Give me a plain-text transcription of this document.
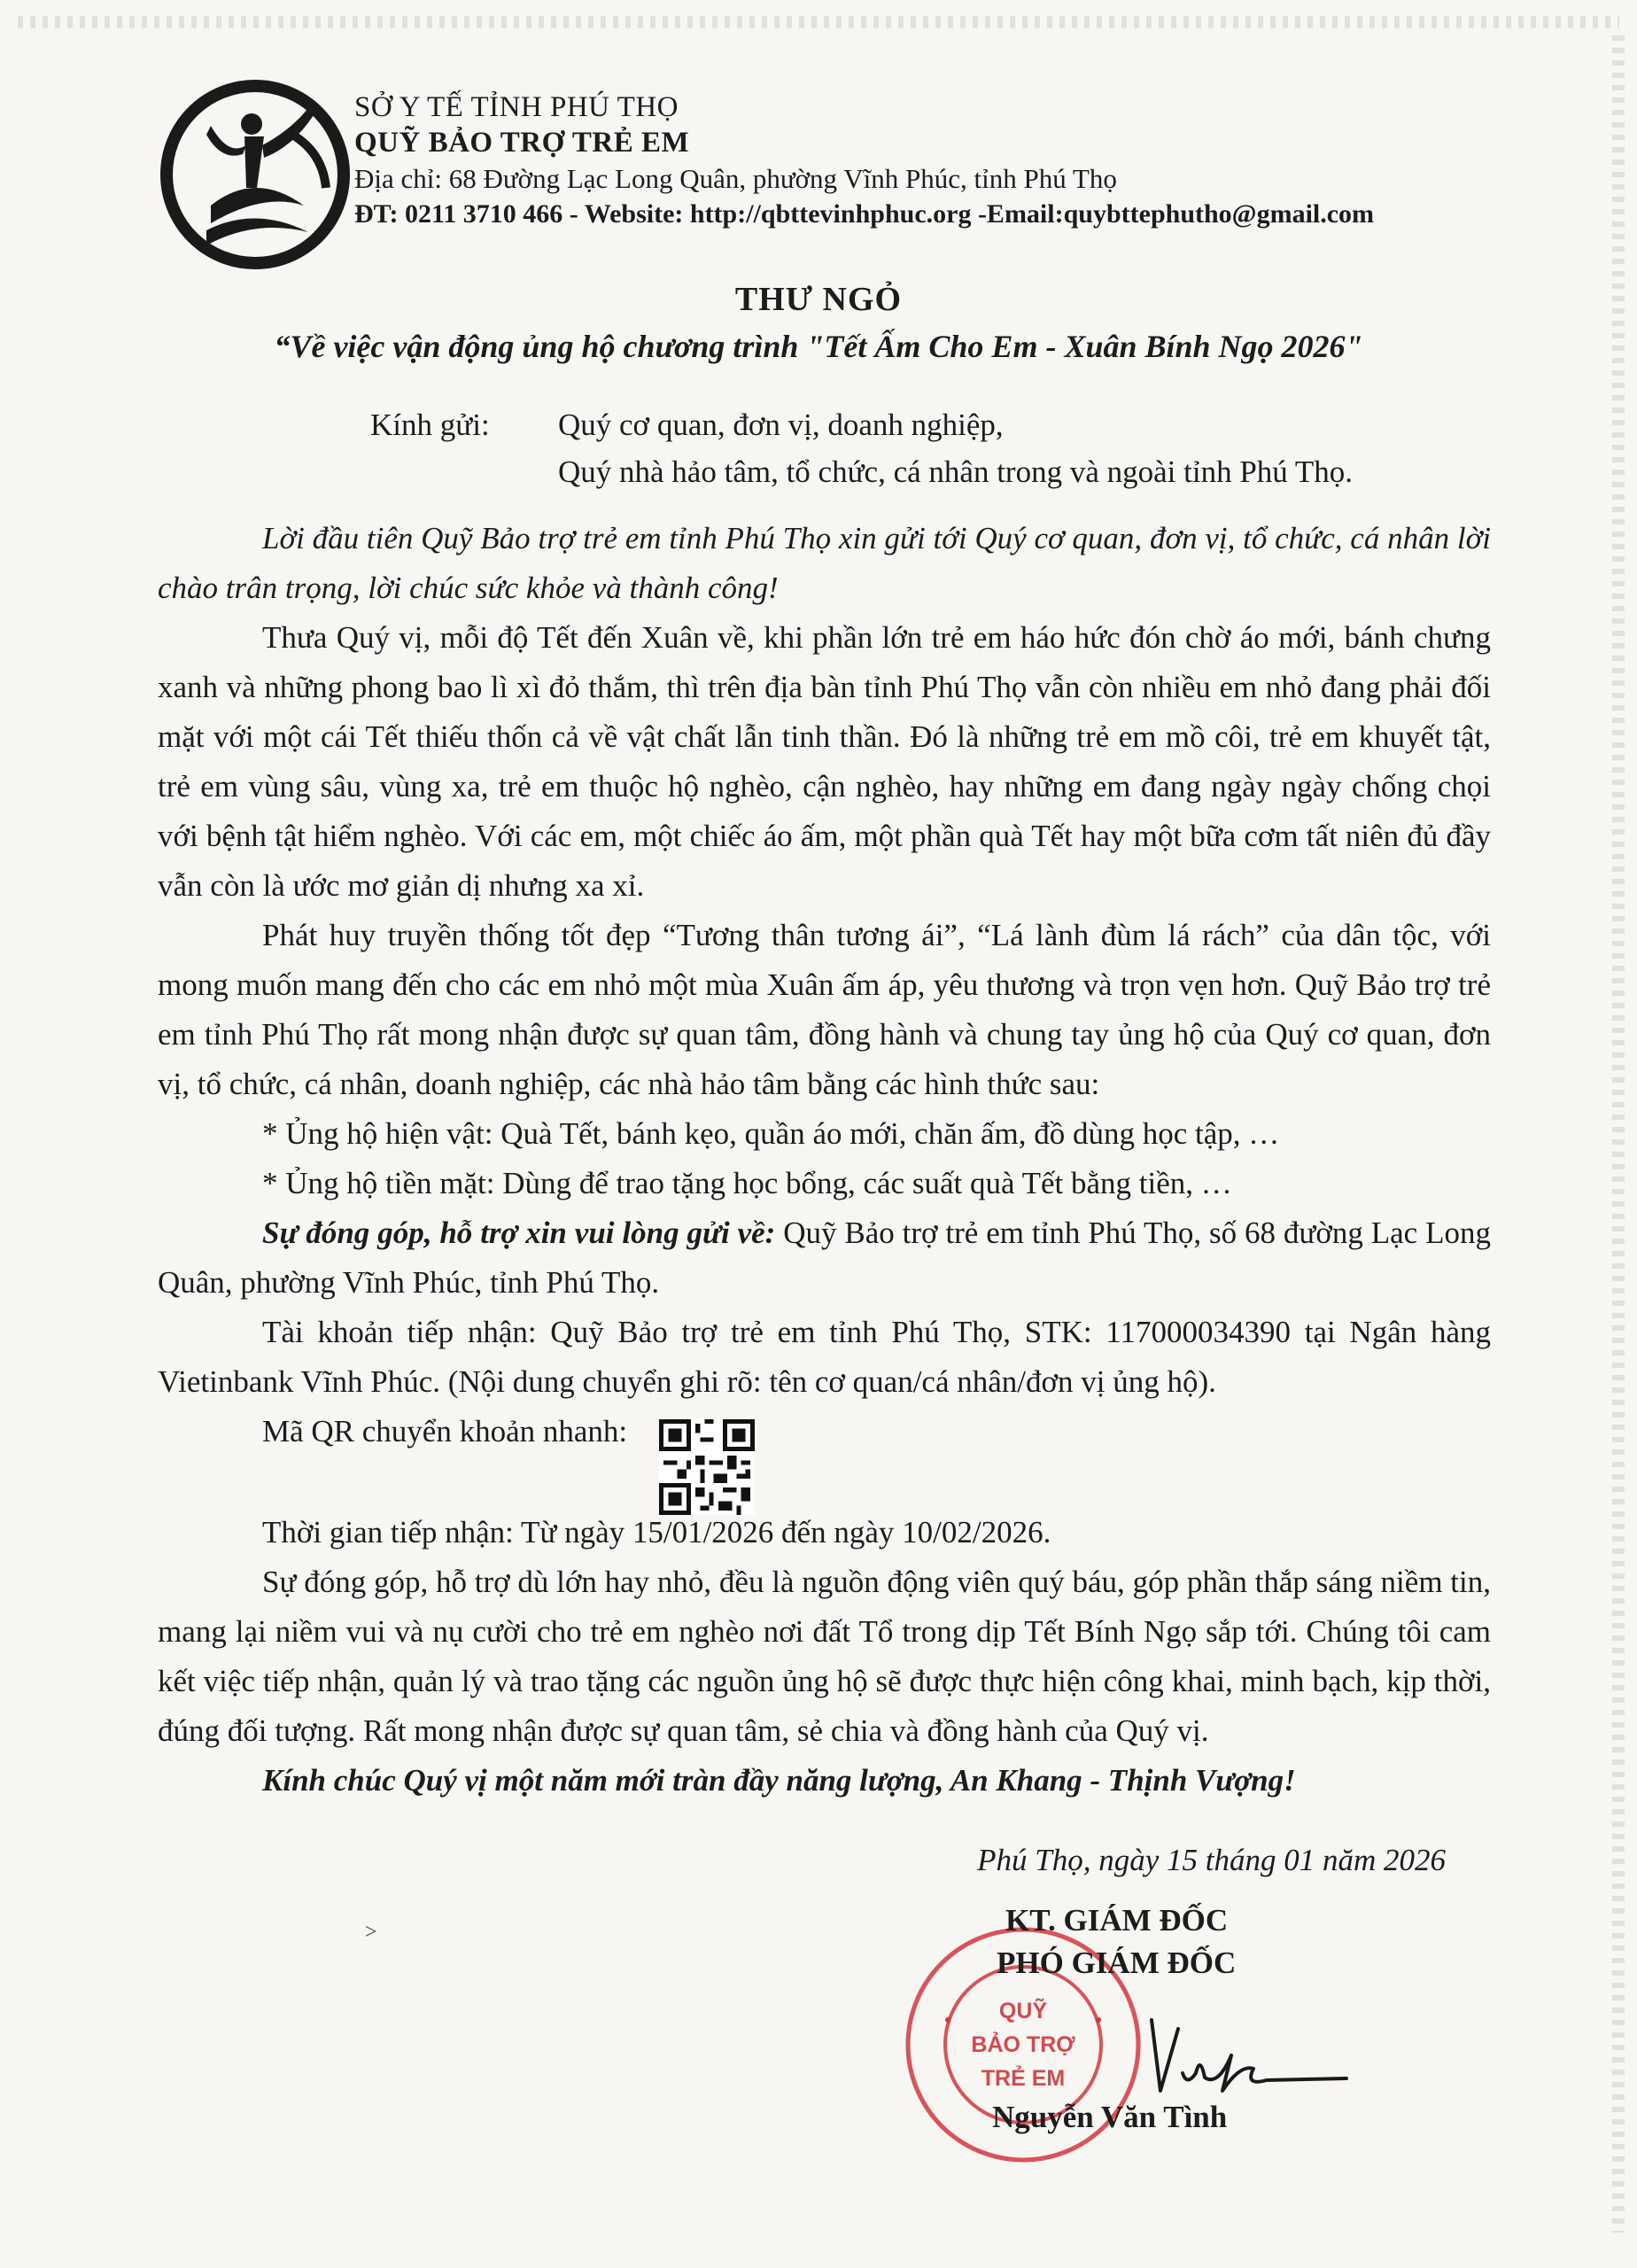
SỞ Y TẾ TỈNH PHÚ THỌ
QUỸ BẢO TRỢ TRẺ EM
Địa chỉ: 68 Đường Lạc Long Quân, phường Vĩnh Phúc, tỉnh Phú Thọ
ĐT: 0211 3710 466 - Website: http://qbttevinhphuc.org -Email:quybttephutho@gmail.com
THƯ NGỎ
“Về việc vận động ủng hộ chương trình "Tết Ấm Cho Em - Xuân Bính Ngọ 2026"
Kính gửi: Quý cơ quan, đơn vị, doanh nghiệp,
Quý nhà hảo tâm, tổ chức, cá nhân trong và ngoài tỉnh Phú Thọ.

Lời đầu tiên Quỹ Bảo trợ trẻ em tỉnh Phú Thọ xin gửi tới Quý cơ quan, đơn vị, tổ chức, cá nhân lời chào trân trọng, lời chúc sức khỏe và thành công!

Thưa Quý vị, mỗi độ Tết đến Xuân về, khi phần lớn trẻ em háo hức đón chờ áo mới, bánh chưng xanh và những phong bao lì xì đỏ thắm, thì trên địa bàn tỉnh Phú Thọ vẫn còn nhiều em nhỏ đang phải đối mặt với một cái Tết thiếu thốn cả về vật chất lẫn tinh thần. Đó là những trẻ em mồ côi, trẻ em khuyết tật, trẻ em vùng sâu, vùng xa, trẻ em thuộc hộ nghèo, cận nghèo, hay những em đang ngày ngày chống chọi với bệnh tật hiểm nghèo. Với các em, một chiếc áo ấm, một phần quà Tết hay một bữa cơm tất niên đủ đầy vẫn còn là ước mơ giản dị nhưng xa xỉ.

Phát huy truyền thống tốt đẹp “Tương thân tương ái”, “Lá lành đùm lá rách” của dân tộc, với mong muốn mang đến cho các em nhỏ một mùa Xuân ấm áp, yêu thương và trọn vẹn hơn. Quỹ Bảo trợ trẻ em tỉnh Phú Thọ rất mong nhận được sự quan tâm, đồng hành và chung tay ủng hộ của Quý cơ quan, đơn vị, tổ chức, cá nhân, doanh nghiệp, các nhà hảo tâm bằng các hình thức sau:

* Ủng hộ hiện vật: Quà Tết, bánh kẹo, quần áo mới, chăn ấm, đồ dùng học tập, …

* Ủng hộ tiền mặt: Dùng để trao tặng học bổng, các suất quà Tết bằng tiền, …

Sự đóng góp, hỗ trợ xin vui lòng gửi về: Quỹ Bảo trợ trẻ em tỉnh Phú Thọ, số 68 đường Lạc Long Quân, phường Vĩnh Phúc, tỉnh Phú Thọ.

Tài khoản tiếp nhận: Quỹ Bảo trợ trẻ em tỉnh Phú Thọ, STK: 117000034390 tại Ngân hàng Vietinbank Vĩnh Phúc. (Nội dung chuyển ghi rõ: tên cơ quan/cá nhân/đơn vị ủng hộ).

Mã QR chuyển khoản nhanh:

Thời gian tiếp nhận: Từ ngày 15/01/2026 đến ngày 10/02/2026.

Sự đóng góp, hỗ trợ dù lớn hay nhỏ, đều là nguồn động viên quý báu, góp phần thắp sáng niềm tin, mang lại niềm vui và nụ cười cho trẻ em nghèo nơi đất Tổ trong dịp Tết Bính Ngọ sắp tới. Chúng tôi cam kết việc tiếp nhận, quản lý và trao tặng các nguồn ủng hộ sẽ được thực hiện công khai, minh bạch, kịp thời, đúng đối tượng. Rất mong nhận được sự quan tâm, sẻ chia và đồng hành của Quý vị.

Kính chúc Quý vị một năm mới tràn đầy năng lượng, An Khang - Thịnh Vượng!

Phú Thọ, ngày 15 tháng 01 năm 2026
˃
QUỸ
BẢO TRỢ
TRẺ EM
KT. GIÁM ĐỐC
PHÓ GIÁM ĐỐC
Nguyễn Văn Tình
